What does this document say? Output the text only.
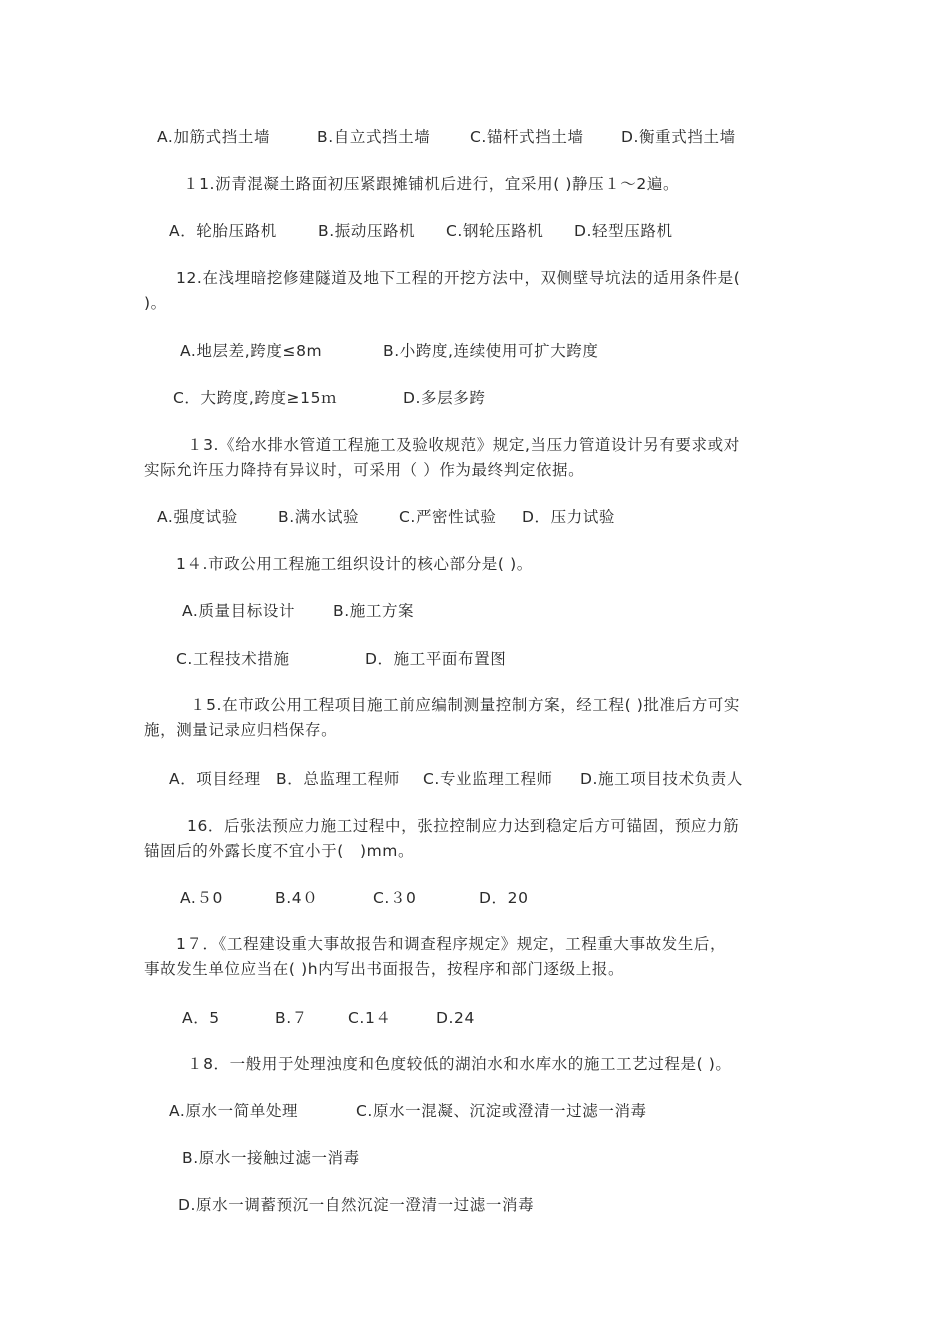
A.加筋式挡土墙	B.自立式挡土墙	C.锚杆式挡土墙 D.衡重式挡土墙
１1.沥青混凝土路面初压紧跟摊铺机后进行，宜采用( )静压１～2遍。
A．轮胎压路机	B.振动压路机 C.钢轮压路机 D.轻型压路机
12.在浅埋暗挖修建隧道及地下工程的开挖方法中，双侧壁导坑法的适用条件是(
)。
A.地层差,跨度≤8m	B.小跨度,连续使用可扩大跨度
C．大跨度,跨度≥15ｍ	D.多层多跨
１3.《给水排水管道工程施工及验收规范》规定,当压力管道设计另有要求或对
实际允许压力降持有异议时，可采用（ ）作为最终判定依据。
A.强度试验	B.满水试验	C.严密性试验 D．压力试验
1４.市政公用工程施工组织设计的核心部分是( )。
A.质量目标设计 B.施工方案
C.工程技术措施	D．施工平面布置图
１5.在市政公用工程项目施工前应编制测量控制方案，经工程( )批准后方可实
施，测量记录应归档保存。
A．项目经理 B．总监理工程师 C.专业监理工程师 D.施工项目技术负责人
16．后张法预应力施工过程中，张拉控制应力达到稳定后方可锚固，预应力筋
锚固后的外露长度不宜小于(　)mm。
A.５0	B.4０	C.３0	D．20
1７．《工程建设重大事故报告和调查程序规定》规定，工程重大事故发生后，
事故发生单位应当在( )h内写出书面报告，按程序和部门逐级上报。
A．5	B.７	C.1４	D.24
１8．一般用于处理浊度和色度较低的湖泊水和水库水的施工工艺过程是( )。
A.原水一简单处理	C.原水一混凝、沉淀或澄清一过滤一消毒
B.原水一接触过滤一消毒
D.原水一调蓄预沉一自然沉淀一澄清一过滤一消毒
